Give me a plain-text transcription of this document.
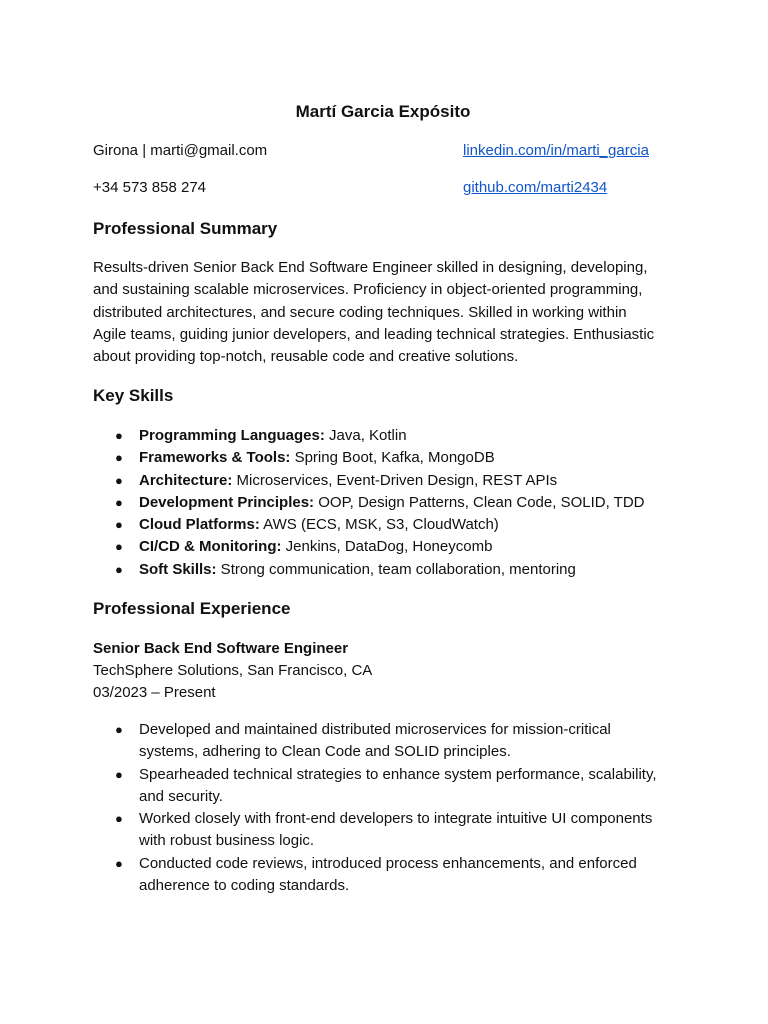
Martí Garcia Expósito
Girona | marti@gmail.com	linkedin.com/in/marti_garcia
+34 573 858 274	github.com/marti2434
Professional Summary
Results-driven Senior Back End Software Engineer skilled in designing, developing,
and sustaining scalable microservices. Proficiency in object-oriented programming,
distributed architectures, and secure coding techniques. Skilled in working within
Agile teams, guiding junior developers, and leading technical strategies. Enthusiastic
about providing top-notch, reusable code and creative solutions.
Key Skills
● Programming Languages: Java, Kotlin
● Frameworks & Tools: Spring Boot, Kafka, MongoDB
● Architecture: Microservices, Event-Driven Design, REST APIs
● Development Principles: OOP, Design Patterns, Clean Code, SOLID, TDD
● Cloud Platforms: AWS (ECS, MSK, S3, CloudWatch)
● CI/CD & Monitoring: Jenkins, DataDog, Honeycomb
● Soft Skills: Strong communication, team collaboration, mentoring
Professional Experience
Senior Back End Software Engineer
TechSphere Solutions, San Francisco, CA
03/2023 – Present
● Developed and maintained distributed microservices for mission-critical
systems, adhering to Clean Code and SOLID principles.
● Spearheaded technical strategies to enhance system performance, scalability,
and security.
● Worked closely with front-end developers to integrate intuitive UI components
with robust business logic.
● Conducted code reviews, introduced process enhancements, and enforced
adherence to coding standards.
